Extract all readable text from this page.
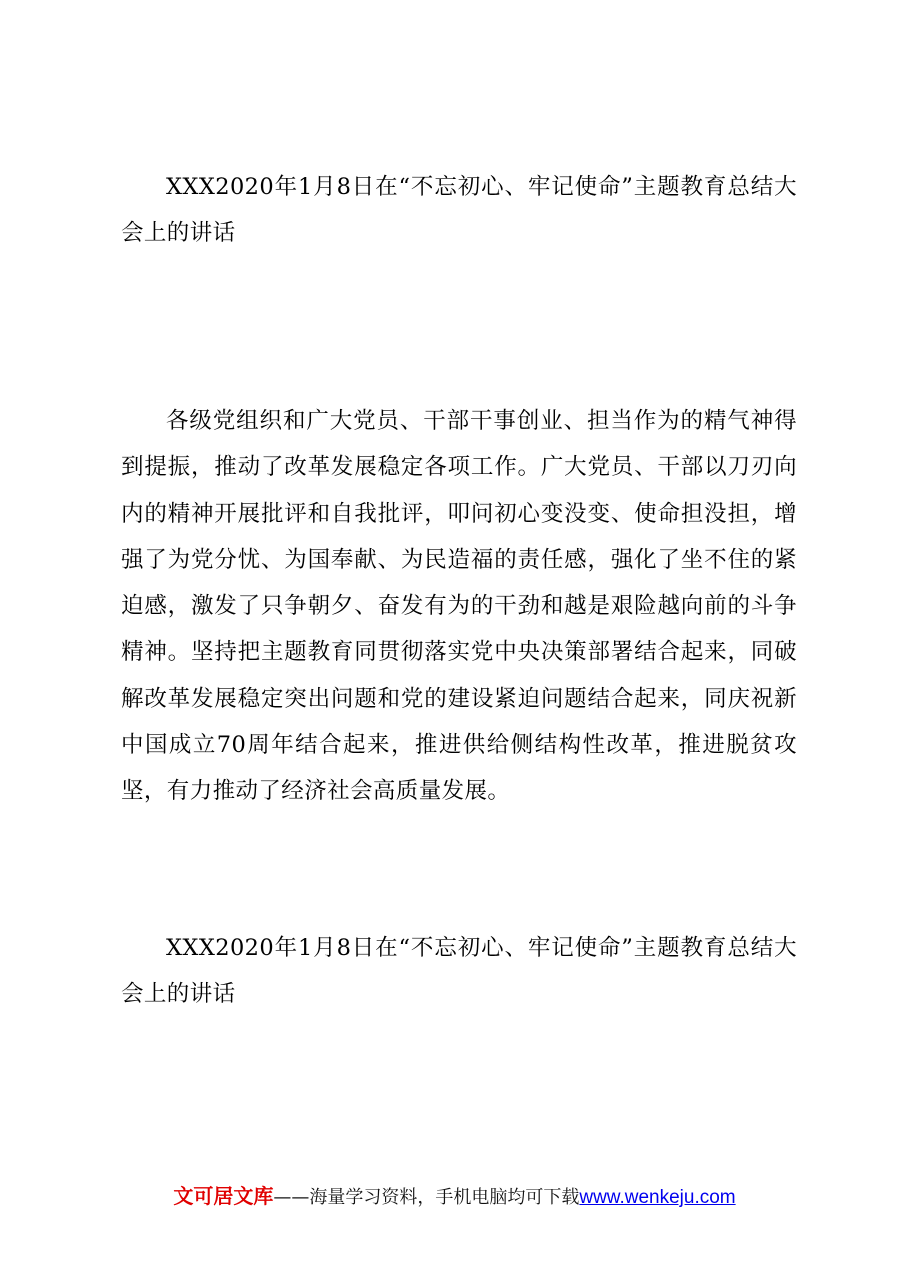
XXX2020年1月8日在“不忘初心、牢记使命”主题教育总结大会上的讲话

各级党组织和广大党员、干部干事创业、担当作为的精气神得到提振，推动了改革发展稳定各项工作。广大党员、干部以刀刃向内的精神开展批评和自我批评，叩问初心变没变、使命担没担，增强了为党分忧、为国奉献、为民造福的责任感，强化了坐不住的紧迫感，激发了只争朝夕、奋发有为的干劲和越是艰险越向前的斗争精神。坚持把主题教育同贯彻落实党中央决策部署结合起来，同破解改革发展稳定突出问题和党的建设紧迫问题结合起来，同庆祝新中国成立70周年结合起来，推进供给侧结构性改革，推进脱贫攻坚，有力推动了经济社会高质量发展。

XXX2020年1月8日在“不忘初心、牢记使命”主题教育总结大会上的讲话

文可居文库——海量学习资料，手机电脑均可下载www.wenkeju.com
